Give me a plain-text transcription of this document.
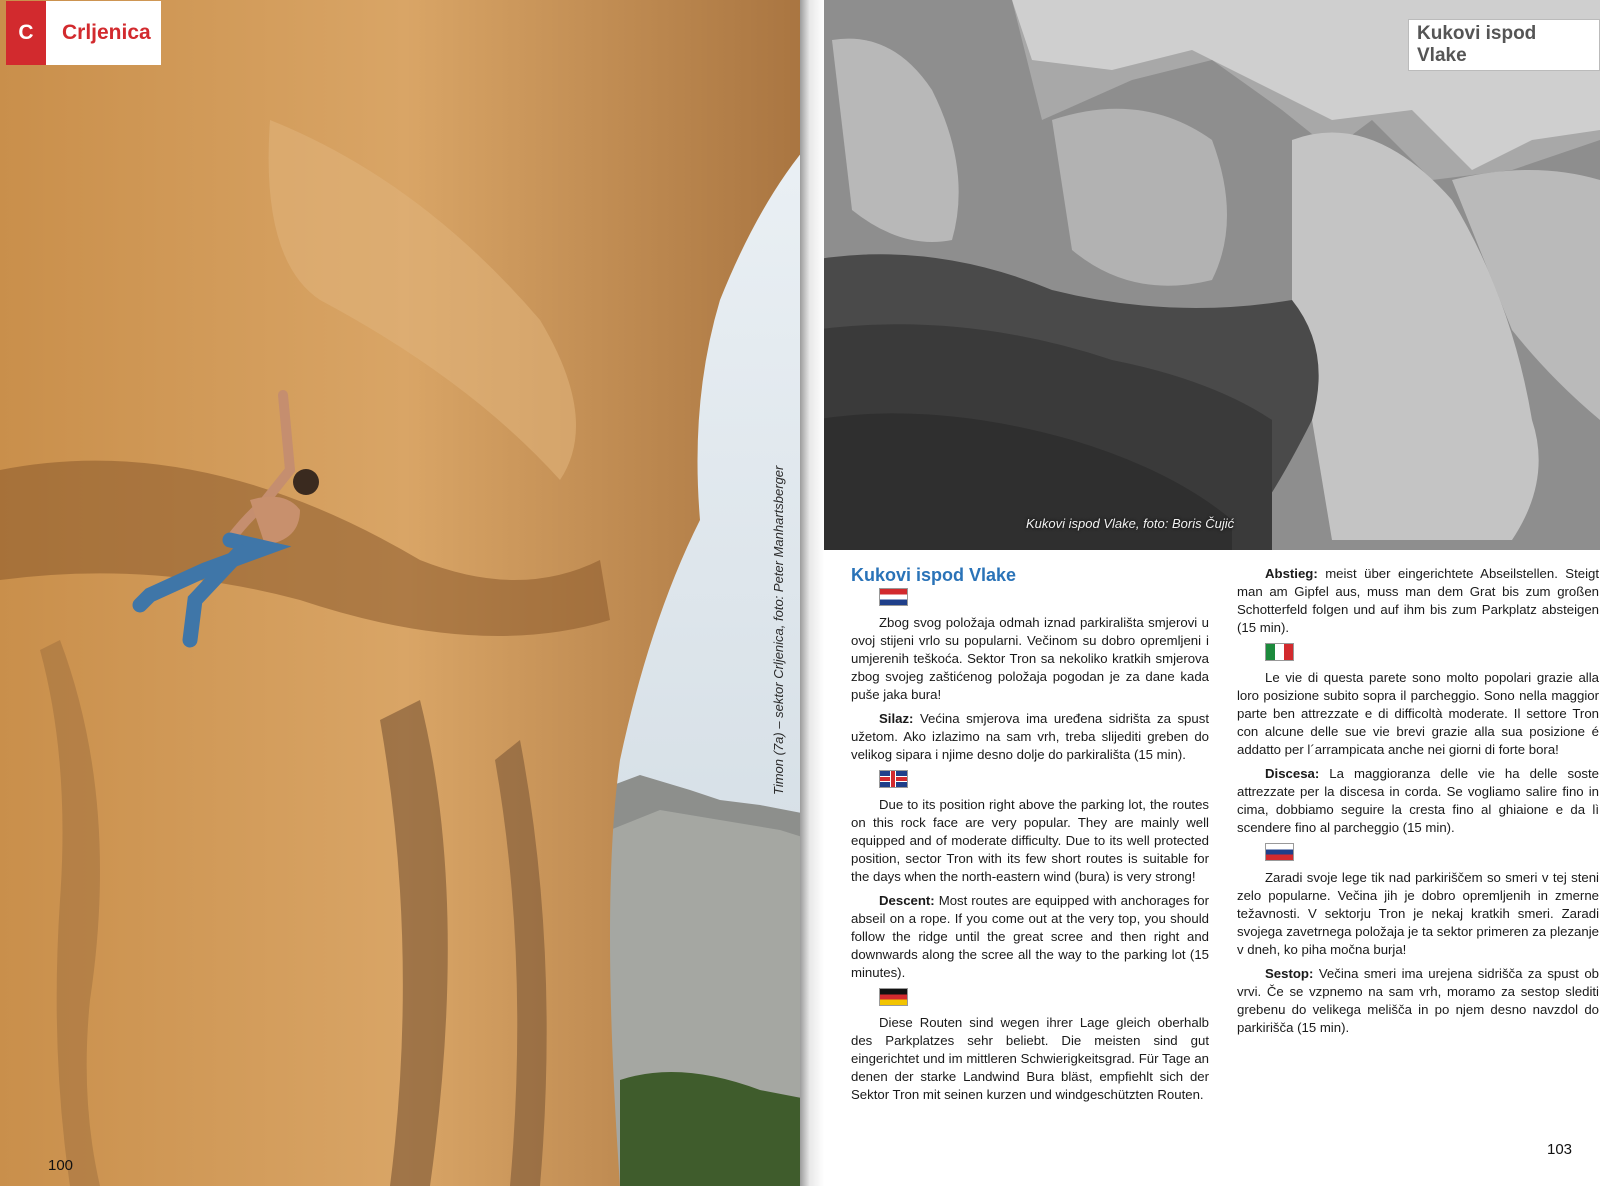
C	Crljenica
Timon (7a) – sektor Crljenica, foto: Peter Manhartsberger
100
Kukovi ispod Vlake, foto: Boris Čujić
Kukovi ispod Vlake
Kukovi ispod Vlake

Zbog svog položaja odmah iznad parkirališta smjerovi u ovoj stijeni vrlo su popularni. Večinom su dobro opremljeni i umjerenih teškoća. Sektor Tron sa nekoliko kratkih smjerova zbog svojeg zaštićenog položaja pogodan je za dane kada puše jaka bura!

Silaz: Većina smjerova ima uređena sidrišta za spust užetom. Ako izlazimo na sam vrh, treba slijediti greben do velikog sipara i njime desno dolje do parkirališta (15 min).

Due to its position right above the parking lot, the routes on this rock face are very popular. They are mainly well equipped and of moderate difficulty. Due to its well protected position, sector Tron with its few short routes is suitable for the days when the north-eastern wind (bura) is very strong!

Descent: Most routes are equipped with anchorages for abseil on a rope. If you come out at the very top, you should follow the ridge until the great scree and then right and downwards along the scree all the way to the parking lot (15 minutes).

Diese Routen sind wegen ihrer Lage gleich oberhalb des Parkplatzes sehr beliebt. Die meisten sind gut eingerichtet und im mittleren Schwierigkeitsgrad. Für Tage an denen der starke Landwind Bura bläst, empfiehlt sich der Sektor Tron mit seinen kurzen und windgeschützten Routen.

Abstieg: meist über eingerichtete Abseilstellen. Steigt man am Gipfel aus, muss man dem Grat bis zum großen Schotterfeld folgen und auf ihm bis zum Parkplatz absteigen (15 min).

Le vie di questa parete sono molto popolari grazie alla loro posizione subito sopra il parcheggio. Sono nella maggior parte ben attrezzate e di difficoltà moderate. Il settore Tron con alcune delle sue vie brevi grazie alla sua posizione é addatto per l´arrampicata anche nei giorni di forte bora!

Discesa: La maggioranza delle vie ha delle soste attrezzate per la discesa in corda. Se vogliamo salire fino in cima, dobbiamo seguire la cresta fino al ghiaione e da lì scendere fino al parcheggio (15 min).

Zaradi svoje lege tik nad parkiriščem so smeri v tej steni zelo popularne. Večina jih je dobro opremljenih in zmerne težavnosti. V sektorju Tron je nekaj kratkih smeri. Zaradi svojega zavetrnega položaja je ta sektor primeren za plezanje v dneh, ko piha močna burja!

Sestop: Večina smeri ima urejena sidrišča za spust ob vrvi. Če se vzpnemo na sam vrh, moramo za sestop slediti grebenu do velikega melišča in po njem desno navzdol do parkirišča (15 min).

103
